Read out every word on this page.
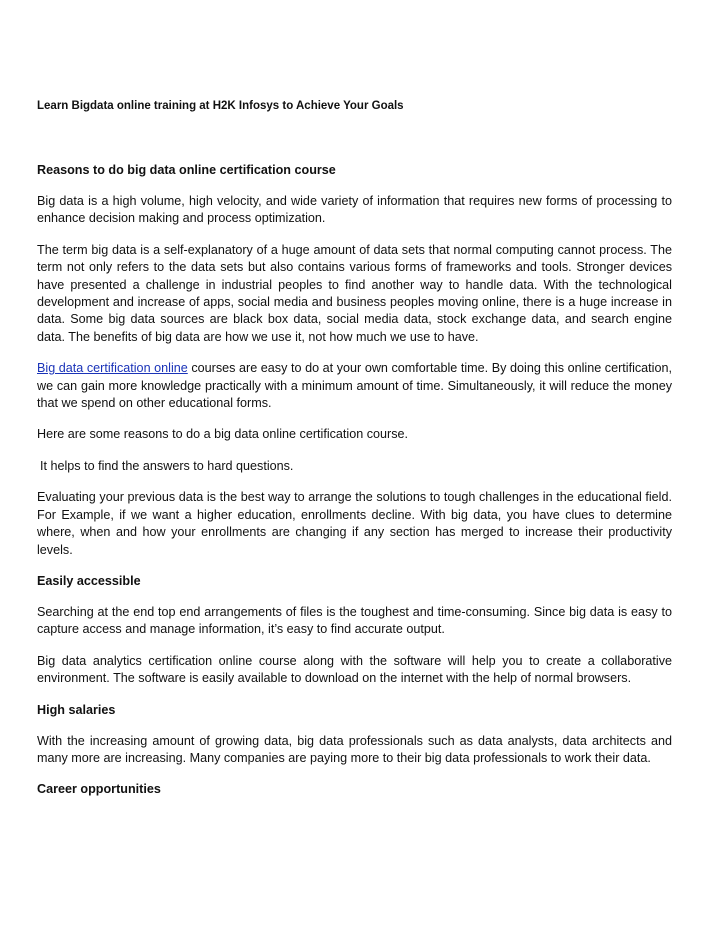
Learn Bigdata online training at H2K Infosys to Achieve Your Goals
Reasons to do big data online certification course

Big data is a high volume, high velocity, and wide variety of information that requires new forms of processing to enhance decision making and process optimization.

The term big data is a self-explanatory of a huge amount of data sets that normal computing cannot process. The term not only refers to the data sets but also contains various forms of frameworks and tools. Stronger devices have presented a challenge in industrial peoples to find another way to handle data. With the technological development and increase of apps, social media and business peoples moving online, there is a huge increase in data. Some big data sources are black box data, social media data, stock exchange data, and search engine data. The benefits of big data are how we use it, not how much we use to have.

Big data certification online courses are easy to do at your own comfortable time. By doing this online certification, we can gain more knowledge practically with a minimum amount of time. Simultaneously, it will reduce the money that we spend on other educational forms.

Here are some reasons to do a big data online certification course.

It helps to find the answers to hard questions.

Evaluating your previous data is the best way to arrange the solutions to tough challenges in the educational field. For Example, if we want a higher education, enrollments decline. With big data, you have clues to determine where, when and how your enrollments are changing if any section has merged to increase their productivity levels.

Easily accessible

Searching at the end top end arrangements of files is the toughest and time-consuming. Since big data is easy to capture access and manage information, it’s easy to find accurate output.

Big data analytics certification online course along with the software will help you to create a collaborative environment. The software is easily available to download on the internet with the help of normal browsers.

High salaries

With the increasing amount of growing data, big data professionals such as data analysts, data architects and many more are increasing. Many companies are paying more to their big data professionals to work their data.

Career opportunities
